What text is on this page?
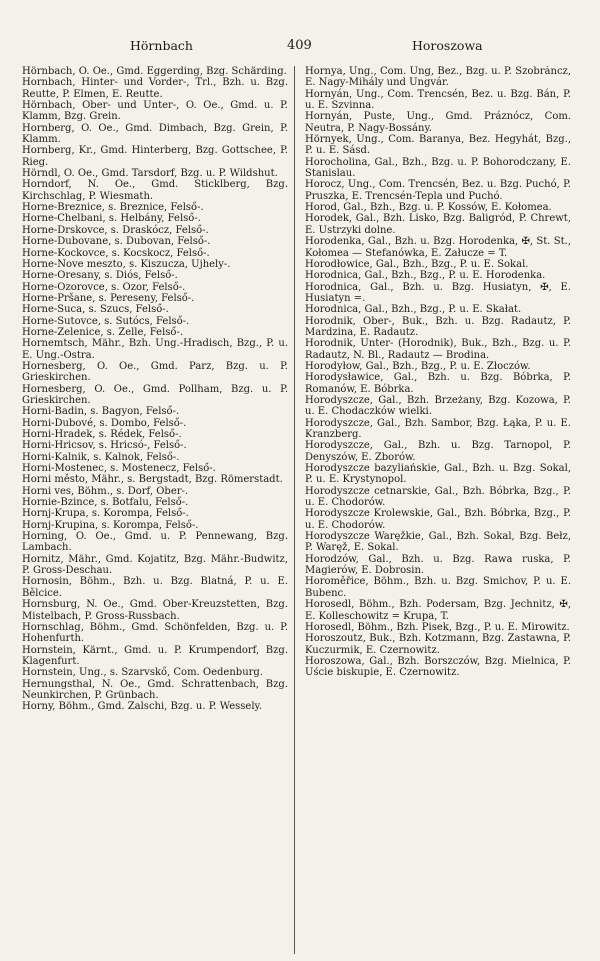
Hörnbach	409	Horoszowa
Hörnbach, O. Oe., Gmd. Eggerding, Bzg. Schärding.
Hornbach, Hinter- und Vorder-, Trl., Bzh. u. Bzg. Reutte, P. Elmen, E. Reutte.
Hörnbach, Ober- und Unter-, O. Oe., Gmd. u. P. Klamm, Bzg. Grein.
Hornberg, O. Oe., Gmd. Dimbach, Bzg. Grein, P. Klamm.
Hornberg, Kr., Gmd. Hinterberg, Bzg. Gottschee, P. Rieg.
Hörndl, O. Oe., Gmd. Tarsdorf, Bzg. u. P. Wildshut.
Horndorf, N. Oe., Gmd. Sticklberg, Bzg. Kirchschlag, P. Wiesmath.
Horne-Breznice, s. Breznice, Felső-.
Horne-Chelbani, s. Helbány, Felső-.
Horne-Drskovce, s. Draskócz, Felső-.
Horne-Dubovane, s. Dubovan, Felső-.
Horne-Kockovce, s. Kocskocz, Felső-.
Horne-Nove meszto, s. Kiszucza, Ujhely-.
Horne-Oresany, s. Diós, Felső-.
Horne-Ozorovce, s. Ozor, Felső-.
Horne-Pršane, s. Pereseny, Felső-.
Horne-Suca, s. Szucs, Felső-.
Horne-Sutovce, s. Sutócs, Felső-.
Horne-Zelenice, s. Zelle, Felső-.
Hornemtsch, Mähr., Bzh. Ung.-Hradisch, Bzg., P. u. E. Ung.-Ostra.
Hornesberg, O. Oe., Gmd. Parz, Bzg. u. P. Grieskirchen.
Hornesberg, O. Oe., Gmd. Pollham, Bzg. u. P. Grieskirchen.
Horni-Badin, s. Bagyon, Felső-.
Horni-Dubové, s. Dombo, Felső-.
Horni-Hradek, s. Rédek, Felső-.
Horni-Hricsov, s. Hricsó-, Felső-.
Horni-Kalnik, s. Kalnok, Felső-.
Horni-Mostenec, s. Mostenecz, Felső-.
Horni město, Mähr., s. Bergstadt, Bzg. Römerstadt.
Horni ves, Böhm., s. Dorf, Ober-.
Hornie-Bzince, s. Botfalu, Felső-.
Hornj-Krupa, s. Korompa, Felső-.
Hornj-Krupina, s. Korompa, Felső-.
Horning, O. Oe., Gmd. u. P. Pennewang, Bzg. Lambach.
Hornitz, Mähr., Gmd. Kojatitz, Bzg. Mähr.-Budwitz, P. Gross-Deschau.
Hornosin, Böhm., Bzh. u. Bzg. Blatná, P. u. E. Bělcice.
Hornsburg, N. Oe., Gmd. Ober-Kreuzstetten, Bzg. Mistelbach, P. Gross-Russbach.
Hornschlag, Böhm., Gmd. Schönfelden, Bzg. u. P. Hohenfurth.
Hornstein, Kärnt., Gmd. u. P. Krumpendorf, Bzg. Klagenfurt.
Hornstein, Ung., s. Szarvskő, Com. Oedenburg.
Hernungsthal, N. Oe., Gmd. Schrattenbach, Bzg. Neunkirchen, P. Grünbach.
Horny, Böhm., Gmd. Zalschi, Bzg. u. P. Wessely.
Hornya, Ung., Com. Ung, Bez., Bzg. u. P. Szobráncz, E. Nagy-Mihály und Ungvár.
Hornyán, Ung., Com. Trencsén, Bez. u. Bzg. Bán, P. u. E. Szvinna.
Hornyán, Puste, Ung., Gmd. Práznócz, Com. Neutra, P. Nagy-Bossány.
Hörnyek, Ung., Com. Baranya, Bez. Hegyhát, Bzg., P. u. E. Sásd.
Horocholina, Gal., Bzh., Bzg. u. P. Bohorodczany, E. Stanislau.
Horocz, Ung., Com. Trencsén, Bez. u. Bzg. Puchó, P. Pruszka, E. Trencsén-Tepla und Puchó.
Horod, Gal., Bzh., Bzg. u. P. Kossów, E. Kołomea.
Horodek, Gal., Bzh. Lisko, Bzg. Baligród, P. Chrewt, E. Ustrzyki dolne.
Horodenka, Gal., Bzh. u. Bzg. Horodenka, ✠, St. St., Kołomea — Stefanówka, E. Załucze = T.
Horodłowice, Gal., Bzh., Bzg., P. u. E. Sokal.
Horodnica, Gal., Bzh., Bzg., P. u. E. Horodenka.
Horodnica, Gal., Bzh. u. Bzg. Husiatyn, ✠, E. Husiatyn =.
Horodnica, Gal., Bzh., Bzg., P. u. E. Skałat.
Horodnik, Ober-, Buk., Bzh. u. Bzg. Radautz, P. Mardzina, E. Radautz.
Horodnik, Unter- (Horodnik), Buk., Bzh., Bzg. u. P. Radautz, N. Bl., Radautz — Brodina.
Horodyłow, Gal., Bzh., Bzg., P. u. E. Złoczów.
Horodysławice, Gal., Bzh. u. Bzg. Bóbrka, P. Romanów, E. Bóbrka.
Horodyszcze, Gal., Bzh. Brzeżany, Bzg. Kozowa, P. u. E. Chodaczków wielki.
Horodyszcze, Gal., Bzh. Sambor, Bzg. Łąka, P. u. E. Kranzberg.
Horodyszcze, Gal., Bzh. u. Bzg. Tarnopol, P. Denyszów, E. Zborów.
Horodyszcze bazyliańskie, Gal., Bzh. u. Bzg. Sokal, P. u. E. Krystynopol.
Horodyszcze cetnarskie, Gal., Bzh. Bóbrka, Bzg., P. u. E. Chodorów.
Horodyszcze Krolewskie, Gal., Bzh. Bóbrka, Bzg., P. u. E. Chodorów.
Horodyszcze Waręžkie, Gal., Bzh. Sokal, Bzg. Bełz, P. Waręž, E. Sokal.
Horodzów, Gal., Bzh. u. Bzg. Rawa ruska, P. Magierów, E. Dobrosin.
Horoměřice, Böhm., Bzh. u. Bzg. Smichov, P. u. E. Bubenc.
Horosedl, Böhm., Bzh. Podersam, Bzg. Jechnitz, ✠, E. Kolleschowitz = Krupa, T.
Horosedl, Böhm., Bzh. Pisek, Bzg., P. u. E. Mirowitz.
Horoszoutz, Buk., Bzh. Kotzmann, Bzg. Zastawna, P. Kuczurmik, E. Czernowitz.
Horoszowa, Gal., Bzh. Borszczów, Bzg. Mielnica, P. Uście biskupie, E. Czernowitz.
